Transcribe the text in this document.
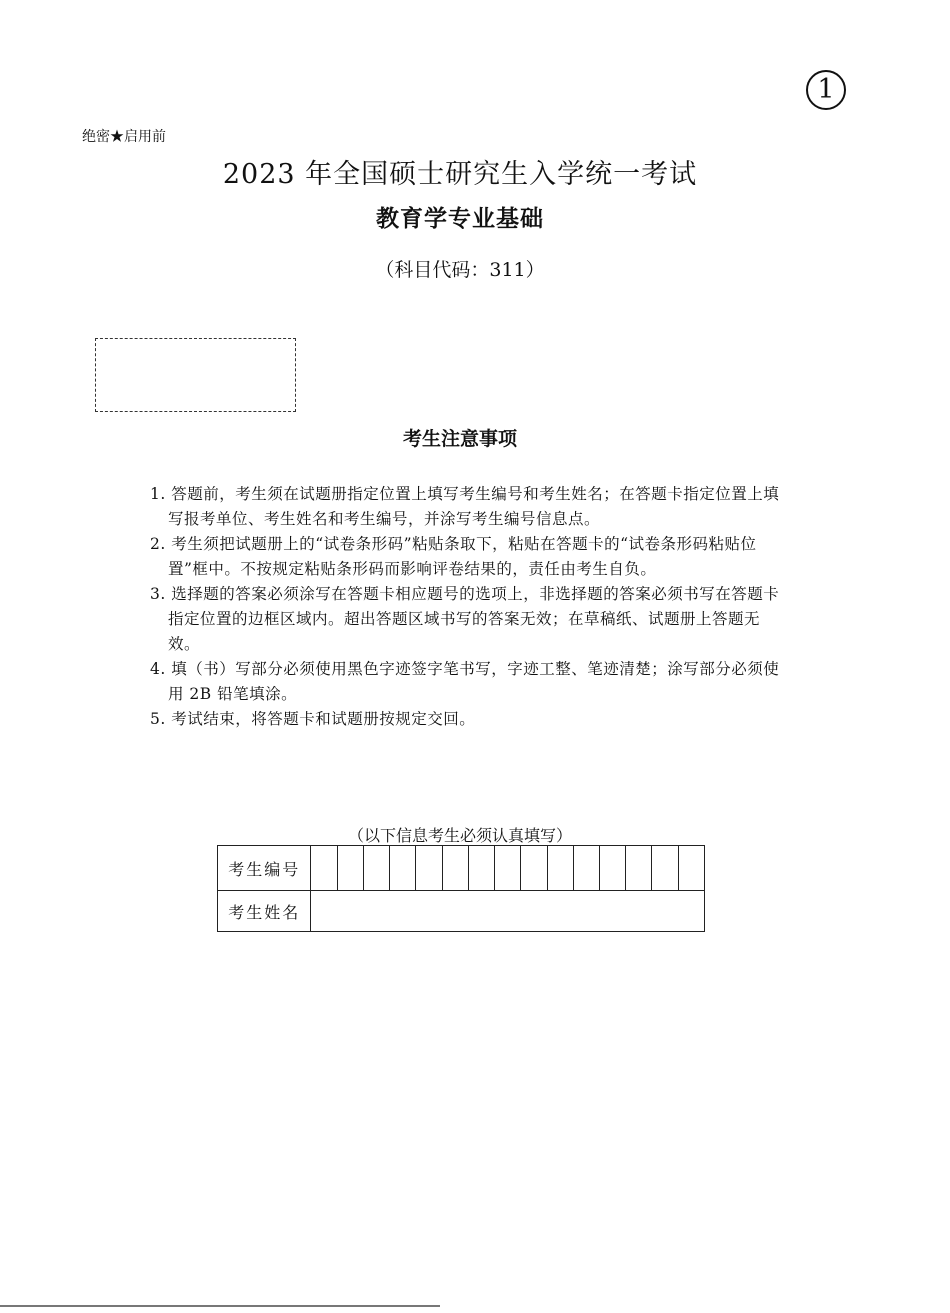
1
绝密★启用前
2023 年全国硕士研究生入学统一考试
教育学专业基础
（科目代码：311）
考生注意事项
1. 答题前，考生须在试题册指定位置上填写考生编号和考生姓名；在答题卡指定位置上填写报考单位、考生姓名和考生编号，并涂写考生编号信息点。
2. 考生须把试题册上的“试卷条形码”粘贴条取下，粘贴在答题卡的“试卷条形码粘贴位置”框中。不按规定粘贴条形码而影响评卷结果的，责任由考生自负。
3. 选择题的答案必须涂写在答题卡相应题号的选项上，非选择题的答案必须书写在答题卡指定位置的边框区域内。超出答题区域书写的答案无效；在草稿纸、试题册上答题无效。
4. 填（书）写部分必须使用黑色字迹签字笔书写，字迹工整、笔迹清楚；涂写部分必须使用 2B 铅笔填涂。
5. 考试结束，将答题卡和试题册按规定交回。
（以下信息考生必须认真填写）
考生编号															
考生姓名															
